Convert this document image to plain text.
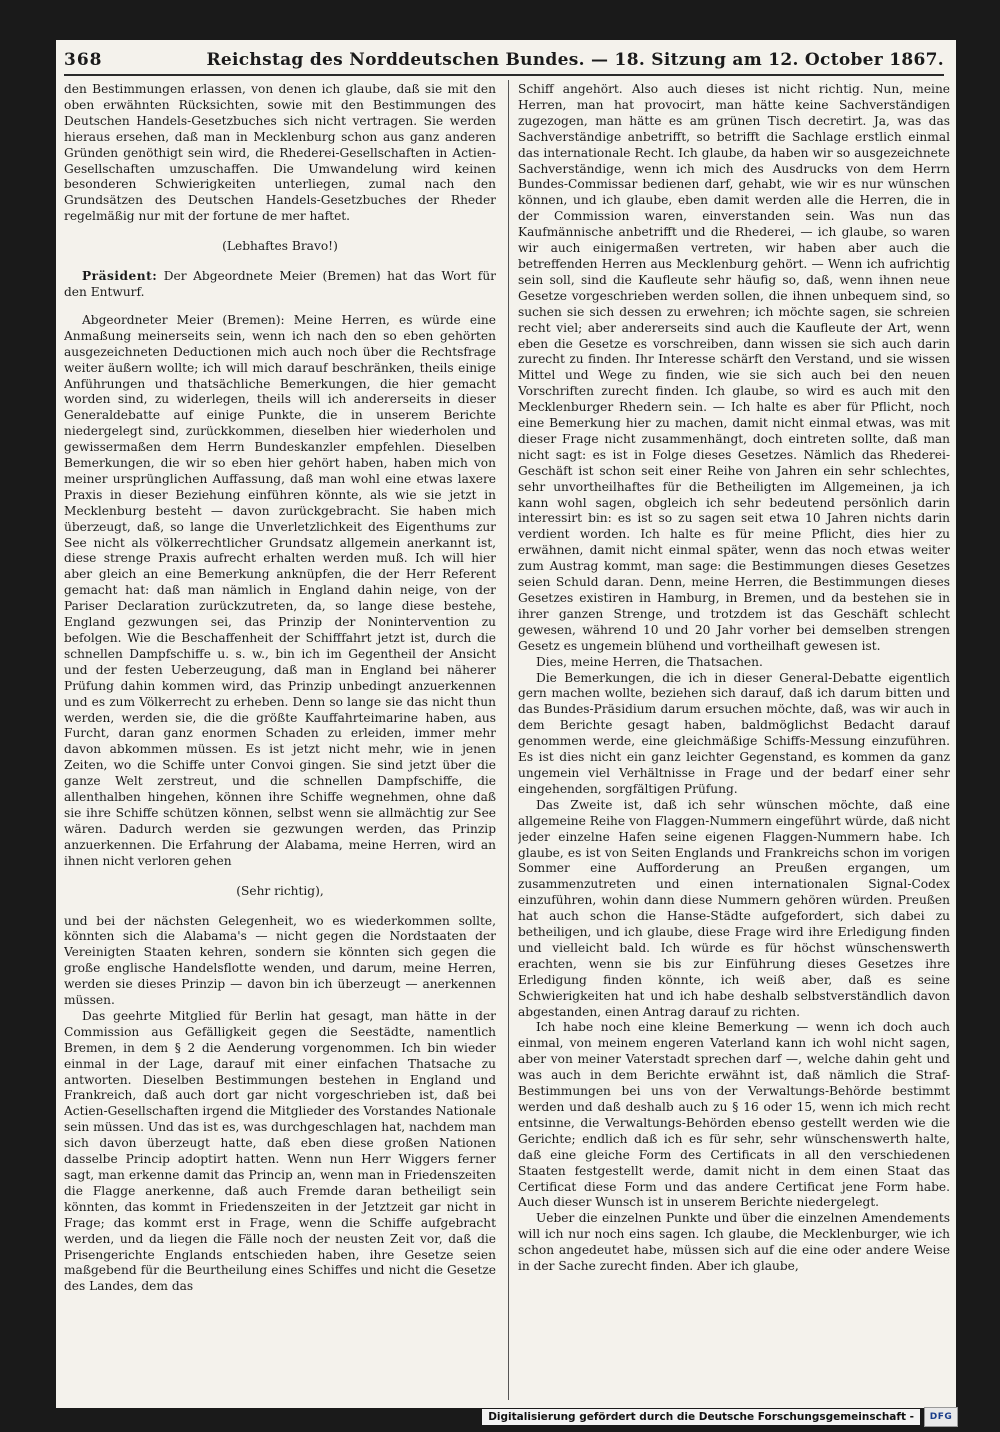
368	Reichstag des Norddeutschen Bundes. — 18. Sitzung am 12. October 1867.

den Bestimmungen erlassen, von denen ich glaube, daß sie mit den oben erwähnten Rücksichten, sowie mit den Bestimmungen des Deutschen Handels-Gesetzbuches sich nicht vertragen. Sie werden hieraus ersehen, daß man in Mecklenburg schon aus ganz anderen Gründen genöthigt sein wird, die Rhederei-Gesellschaften in Actien-Gesellschaften umzuschaffen. Die Umwandelung wird keinen besonderen Schwierigkeiten unterliegen, zumal nach den Grundsätzen des Deutschen Handels-Gesetzbuches der Rheder regelmäßig nur mit der fortune de mer haftet.

(Lebhaftes Bravo!)

Präsident: Der Abgeordnete Meier (Bremen) hat das Wort für den Entwurf.

Abgeordneter Meier (Bremen): Meine Herren, es würde eine Anmaßung meinerseits sein, wenn ich nach den so eben gehörten ausgezeichneten Deductionen mich auch noch über die Rechtsfrage weiter äußern wollte; ich will mich darauf beschränken, theils einige Anführungen und thatsächliche Bemerkungen, die hier gemacht worden sind, zu widerlegen, theils will ich andererseits in dieser Generaldebatte auf einige Punkte, die in unserem Berichte niedergelegt sind, zurückkommen, dieselben hier wiederholen und gewissermaßen dem Herrn Bundeskanzler empfehlen. Dieselben Bemerkungen, die wir so eben hier gehört haben, haben mich von meiner ursprünglichen Auffassung, daß man wohl eine etwas laxere Praxis in dieser Beziehung einführen könnte, als wie sie jetzt in Mecklenburg besteht — davon zurückgebracht. Sie haben mich überzeugt, daß, so lange die Unverletzlichkeit des Eigenthums zur See nicht als völkerrechtlicher Grundsatz allgemein anerkannt ist, diese strenge Praxis aufrecht erhalten werden muß. Ich will hier aber gleich an eine Bemerkung anknüpfen, die der Herr Referent gemacht hat: daß man nämlich in England dahin neige, von der Pariser Declaration zurückzutreten, da, so lange diese bestehe, England gezwungen sei, das Prinzip der Nonintervention zu befolgen. Wie die Beschaffenheit der Schifffahrt jetzt ist, durch die schnellen Dampfschiffe u. s. w., bin ich im Gegentheil der Ansicht und der festen Ueberzeugung, daß man in England bei näherer Prüfung dahin kommen wird, das Prinzip unbedingt anzuerkennen und es zum Völkerrecht zu erheben. Denn so lange sie das nicht thun werden, werden sie, die die größte Kauffahrteimarine haben, aus Furcht, daran ganz enormen Schaden zu erleiden, immer mehr davon abkommen müssen. Es ist jetzt nicht mehr, wie in jenen Zeiten, wo die Schiffe unter Convoi gingen. Sie sind jetzt über die ganze Welt zerstreut, und die schnellen Dampfschiffe, die allenthalben hingehen, können ihre Schiffe wegnehmen, ohne daß sie ihre Schiffe schützen können, selbst wenn sie allmächtig zur See wären. Dadurch werden sie gezwungen werden, das Prinzip anzuerkennen. Die Erfahrung der Alabama, meine Herren, wird an ihnen nicht verloren gehen

(Sehr richtig),

und bei der nächsten Gelegenheit, wo es wiederkommen sollte, könnten sich die Alabama's — nicht gegen die Nordstaaten der Vereinigten Staaten kehren, sondern sie könnten sich gegen die große englische Handelsflotte wenden, und darum, meine Herren, werden sie dieses Prinzip — davon bin ich überzeugt — anerkennen müssen.

Das geehrte Mitglied für Berlin hat gesagt, man hätte in der Commission aus Gefälligkeit gegen die Seestädte, namentlich Bremen, in dem § 2 die Aenderung vorgenommen. Ich bin wieder einmal in der Lage, darauf mit einer einfachen Thatsache zu antworten. Dieselben Bestimmungen bestehen in England und Frankreich, daß auch dort gar nicht vorgeschrieben ist, daß bei Actien-Gesellschaften irgend die Mitglieder des Vorstandes Nationale sein müssen. Und das ist es, was durchgeschlagen hat, nachdem man sich davon überzeugt hatte, daß eben diese großen Nationen dasselbe Princip adoptirt hatten. Wenn nun Herr Wiggers ferner sagt, man erkenne damit das Princip an, wenn man in Friedenszeiten die Flagge anerkenne, daß auch Fremde daran betheiligt sein könnten, das kommt in Friedenszeiten in der Jetztzeit gar nicht in Frage; das kommt erst in Frage, wenn die Schiffe aufgebracht werden, und da liegen die Fälle noch der neusten Zeit vor, daß die Prisengerichte Englands entschieden haben, ihre Gesetze seien maßgebend für die Beurtheilung eines Schiffes und nicht die Gesetze des Landes, dem das

Schiff angehört. Also auch dieses ist nicht richtig. Nun, meine Herren, man hat provocirt, man hätte keine Sachverständigen zugezogen, man hätte es am grünen Tisch decretirt. Ja, was das Sachverständige anbetrifft, so betrifft die Sachlage erstlich einmal das internationale Recht. Ich glaube, da haben wir so ausgezeichnete Sachverständige, wenn ich mich des Ausdrucks von dem Herrn Bundes-Commissar bedienen darf, gehabt, wie wir es nur wünschen können, und ich glaube, eben damit werden alle die Herren, die in der Commission waren, einverstanden sein. Was nun das Kaufmännische anbetrifft und die Rhederei, — ich glaube, so waren wir auch einigermaßen vertreten, wir haben aber auch die betreffenden Herren aus Mecklenburg gehört. — Wenn ich aufrichtig sein soll, sind die Kaufleute sehr häufig so, daß, wenn ihnen neue Gesetze vorgeschrieben werden sollen, die ihnen unbequem sind, so suchen sie sich dessen zu erwehren; ich möchte sagen, sie schreien recht viel; aber andererseits sind auch die Kaufleute der Art, wenn eben die Gesetze es vorschreiben, dann wissen sie sich auch darin zurecht zu finden. Ihr Interesse schärft den Verstand, und sie wissen Mittel und Wege zu finden, wie sie sich auch bei den neuen Vorschriften zurecht finden. Ich glaube, so wird es auch mit den Mecklenburger Rhedern sein. — Ich halte es aber für Pflicht, noch eine Bemerkung hier zu machen, damit nicht einmal etwas, was mit dieser Frage nicht zusammenhängt, doch eintreten sollte, daß man nicht sagt: es ist in Folge dieses Gesetzes. Nämlich das Rhederei-Geschäft ist schon seit einer Reihe von Jahren ein sehr schlechtes, sehr unvortheilhaftes für die Betheiligten im Allgemeinen, ja ich kann wohl sagen, obgleich ich sehr bedeutend persönlich darin interessirt bin: es ist so zu sagen seit etwa 10 Jahren nichts darin verdient worden. Ich halte es für meine Pflicht, dies hier zu erwähnen, damit nicht einmal später, wenn das noch etwas weiter zum Austrag kommt, man sage: die Bestimmungen dieses Gesetzes seien Schuld daran. Denn, meine Herren, die Bestimmungen dieses Gesetzes existiren in Hamburg, in Bremen, und da bestehen sie in ihrer ganzen Strenge, und trotzdem ist das Geschäft schlecht gewesen, während 10 und 20 Jahr vorher bei demselben strengen Gesetz es ungemein blühend und vortheilhaft gewesen ist.

Dies, meine Herren, die Thatsachen.

Die Bemerkungen, die ich in dieser General-Debatte eigentlich gern machen wollte, beziehen sich darauf, daß ich darum bitten und das Bundes-Präsidium darum ersuchen möchte, daß, was wir auch in dem Berichte gesagt haben, baldmöglichst Bedacht darauf genommen werde, eine gleichmäßige Schiffs-Messung einzuführen. Es ist dies nicht ein ganz leichter Gegenstand, es kommen da ganz ungemein viel Verhältnisse in Frage und der bedarf einer sehr eingehenden, sorgfältigen Prüfung.

Das Zweite ist, daß ich sehr wünschen möchte, daß eine allgemeine Reihe von Flaggen-Nummern eingeführt würde, daß nicht jeder einzelne Hafen seine eigenen Flaggen-Nummern habe. Ich glaube, es ist von Seiten Englands und Frankreichs schon im vorigen Sommer eine Aufforderung an Preußen ergangen, um zusammenzutreten und einen internationalen Signal-Codex einzuführen, wohin dann diese Nummern gehören würden. Preußen hat auch schon die Hanse-Städte aufgefordert, sich dabei zu betheiligen, und ich glaube, diese Frage wird ihre Erledigung finden und vielleicht bald. Ich würde es für höchst wünschenswerth erachten, wenn sie bis zur Einführung dieses Gesetzes ihre Erledigung finden könnte, ich weiß aber, daß es seine Schwierigkeiten hat und ich habe deshalb selbstverständlich davon abgestanden, einen Antrag darauf zu richten.

Ich habe noch eine kleine Bemerkung — wenn ich doch auch einmal, von meinem engeren Vaterland kann ich wohl nicht sagen, aber von meiner Vaterstadt sprechen darf —, welche dahin geht und was auch in dem Berichte erwähnt ist, daß nämlich die Straf-Bestimmungen bei uns von der Verwaltungs-Behörde bestimmt werden und daß deshalb auch zu § 16 oder 15, wenn ich mich recht entsinne, die Verwaltungs-Behörden ebenso gestellt werden wie die Gerichte; endlich daß ich es für sehr, sehr wünschenswerth halte, daß eine gleiche Form des Certificats in all den verschiedenen Staaten festgestellt werde, damit nicht in dem einen Staat das Certificat diese Form und das andere Certificat jene Form habe. Auch dieser Wunsch ist in unserem Berichte niedergelegt.

Ueber die einzelnen Punkte und über die einzelnen Amendements will ich nur noch eins sagen. Ich glaube, die Mecklenburger, wie ich schon angedeutet habe, müssen sich auf die eine oder andere Weise in der Sache zurecht finden. Aber ich glaube,

Digitalisierung gefördert durch die Deutsche Forschungsgemeinschaft -	DFG
